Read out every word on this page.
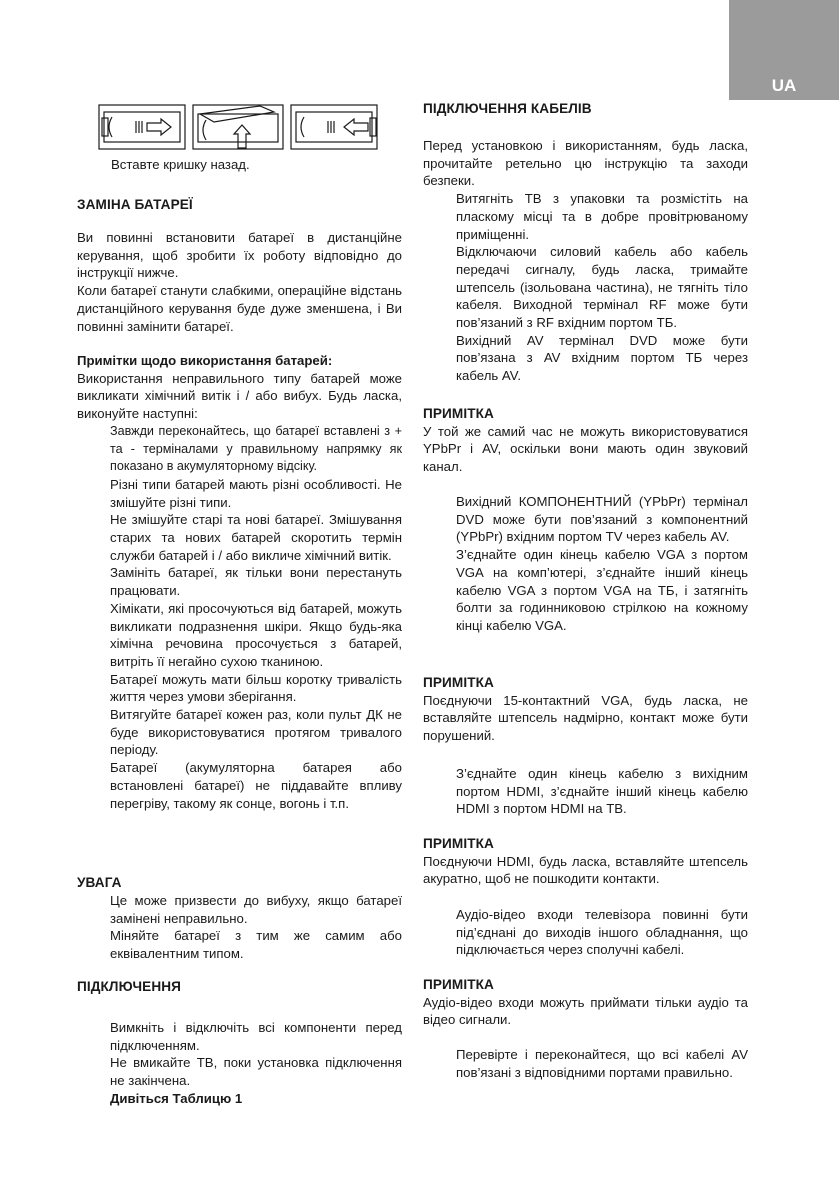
UA
Вставте кришку назад.
ЗАМІНА БАТАРЕЇ

Ви повинні встановити батареї в дистанційне керування, щоб зробити їх роботу відповідно до інструкції нижче.

Коли батареї станути слабкими, операційне відстань дистанційного керування буде дуже зменшена, і Ви повинні замінити батареї.

Примітки щодо використання батарей:

Використання неправильного типу батарей може викликати хімічний витік і / або вибух. Будь ласка, виконуйте наступні:

Завжди переконайтесь, що батареї вставлені з + та - терміналами у правильному напрямку як показано в акумуляторному відсіку.

Різні типи батарей мають різні особливості. Не змішуйте різні типи.

Не змішуйте старі та нові батареї. Змішування старих та нових батарей скоротить термін служби батарей і / або викличе хімічний витік.

Замініть батареї, як тільки вони перестануть працювати.

Хімікати, які просочуються від батарей, можуть викликати подразнення шкіри. Якщо будь-яка хімічна речовина просочується з батарей, витріть її негайно сухою тканиною.

Батареї можуть мати більш коротку тривалість життя через умови зберігання.

Витягуйте батареї кожен раз, коли пульт ДК не буде використовуватися протягом тривалого періоду.

Батареї (акумуляторна батарея або встановлені батареї) не піддавайте впливу перегріву, такому як сонце, вогонь і т.п.

УВАГА

Це може призвести до вибуху, якщо батареї замінені неправильно.

Міняйте батареї з тим же самим або еквівалентним типом.

ПІДКЛЮЧЕННЯ

Вимкніть і відключіть всі компоненти перед підключенням.

Не вмикайте ТВ, поки установка підключення не закінчена.

Дивіться Таблицю 1

ПІДКЛЮЧЕННЯ КАБЕЛІВ

Перед установкою і використанням, будь ласка, прочитайте ретельно цю інструкцію та заходи безпеки.

Витягніть ТВ з упаковки та розмістіть на пласкому місці та в добре провітрюваному приміщенні.

Відключаючи силовий кабель або кабель передачі сигналу, будь ласка, тримайте штепсель (ізольована частина), не тягніть тіло кабеля. Виходной термінал RF може бути пов’язаний з RF вхідним портом ТБ.

Вихідний AV термінал DVD може бути пов’язана з AV вхідним портом ТБ через кабель AV.

ПРИМІТКА

У той же самий час не можуть використовуватися YPbPr і AV, оскільки вони мають один звуковий канал.

Вихідний КОМПОНЕНТНИЙ (YPbPr) термінал DVD може бути пов’язаний з компонентний (YPbPr) вхідним портом TV через кабель AV.

З’єднайте один кінець кабелю VGA з портом VGA на комп’ютері, з’єднайте інший кінець кабелю VGA з портом VGA на ТБ, і затягніть болти за годинниковою стрілкою на кожному кінці кабелю VGA.

ПРИМІТКА

Поєднуючи 15-контактний VGA, будь ласка, не вставляйте штепсель надмірно, контакт може бути порушений.

З’єднайте один кінець кабелю з вихідним портом HDMI, з’єднайте інший кінець кабелю HDMI з портом HDMI на ТВ.

ПРИМІТКА

Поєднуючи HDMI, будь ласка, вставляйте штепсель акуратно, щоб не пошкодити контакти.

Аудіо-відео входи телевізора повинні бути під’єднані до виходів іншого обладнання, що підключається через сполучні кабелі.

ПРИМІТКА

Аудіо-відео входи можуть приймати тільки аудіо та відео сигнали.

Перевірте і переконайтеся, що всі кабелі AV пов’язані з відповідними портами правильно.
